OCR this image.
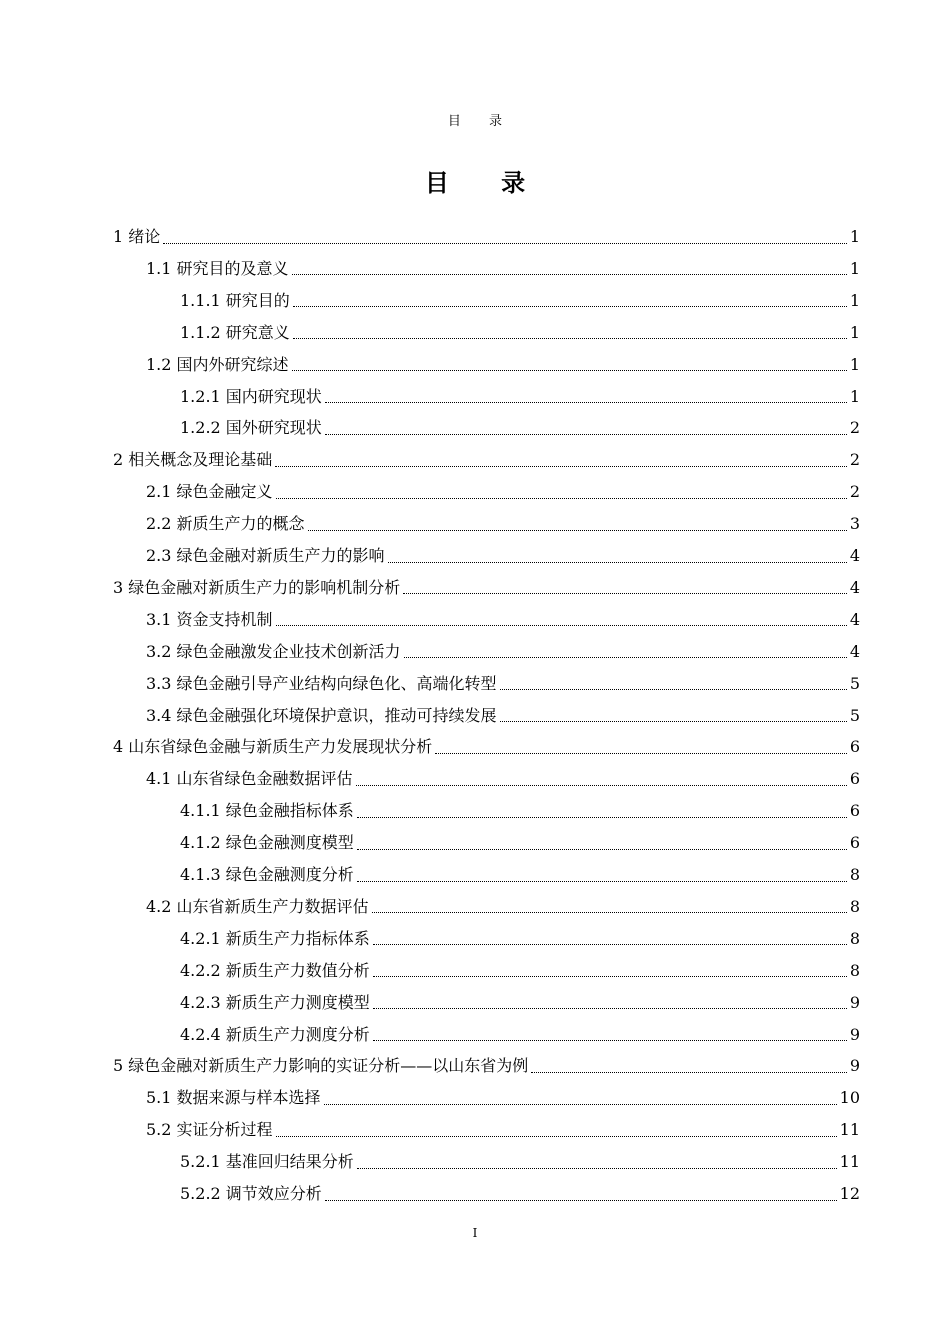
目 录
目 录
1 绪论	1
1.1 研究目的及意义	1
1.1.1 研究目的	1
1.1.2 研究意义	1
1.2 国内外研究综述	1
1.2.1 国内研究现状	1
1.2.2 国外研究现状	2
2 相关概念及理论基础	2
2.1 绿色金融定义	2
2.2 新质生产力的概念	3
2.3 绿色金融对新质生产力的影响	4
3 绿色金融对新质生产力的影响机制分析	4
3.1 资金支持机制	4
3.2 绿色金融激发企业技术创新活力	4
3.3 绿色金融引导产业结构向绿色化、高端化转型	5
3.4 绿色金融强化环境保护意识，推动可持续发展	5
4 山东省绿色金融与新质生产力发展现状分析	6
4.1 山东省绿色金融数据评估	6
4.1.1 绿色金融指标体系	6
4.1.2 绿色金融测度模型	6
4.1.3 绿色金融测度分析	8
4.2 山东省新质生产力数据评估	8
4.2.1 新质生产力指标体系	8
4.2.2 新质生产力数值分析	8
4.2.3 新质生产力测度模型	9
4.2.4 新质生产力测度分析	9
5 绿色金融对新质生产力影响的实证分析——以山东省为例	9
5.1 数据来源与样本选择	10
5.2 实证分析过程	11
5.2.1 基准回归结果分析	11
5.2.2 调节效应分析	12
I
